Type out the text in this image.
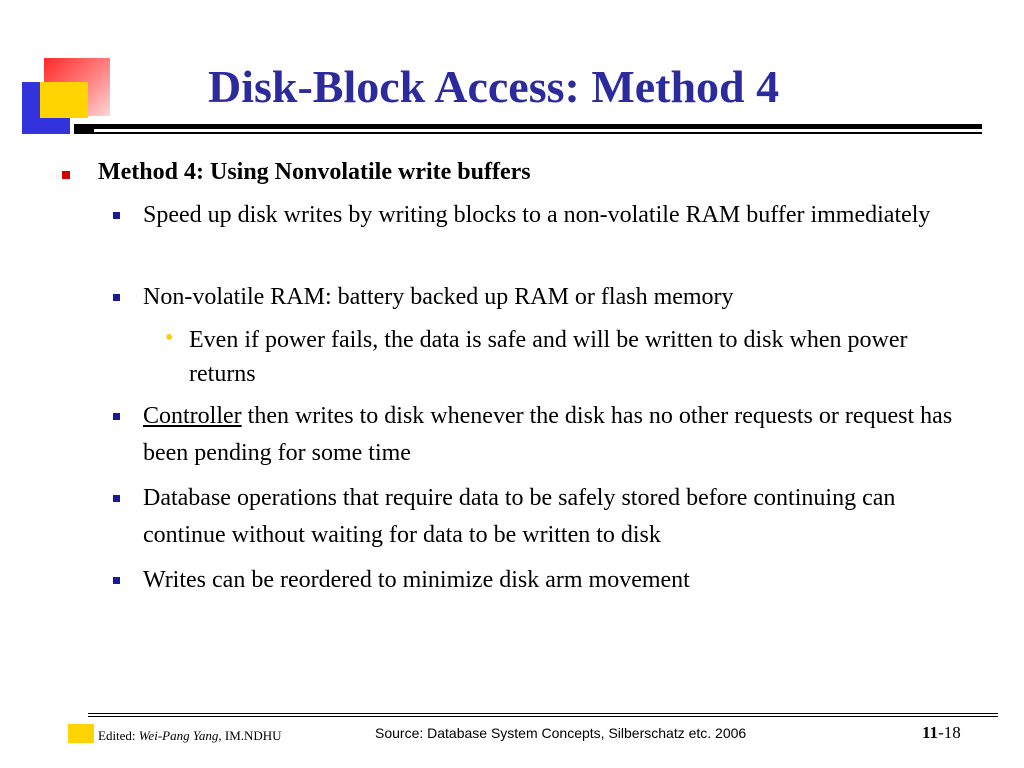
Disk-Block Access: Method 4
Method 4: Using Nonvolatile write buffers
Speed up disk writes by writing blocks to a non-volatile RAM buffer immediately
Non-volatile RAM: battery backed up RAM or flash memory
• Even if power fails, the data is safe and will be written to disk when power returns
Controller then writes to disk whenever the disk has no other requests or request has been pending for some time
Database operations that require data to be safely stored before continuing can continue without waiting for data to be written to disk
Writes can be reordered to minimize disk arm movement
Edited: Wei-Pang Yang, IM.NDHU	Source: Database System Concepts, Silberschatz etc. 2006	11-18
